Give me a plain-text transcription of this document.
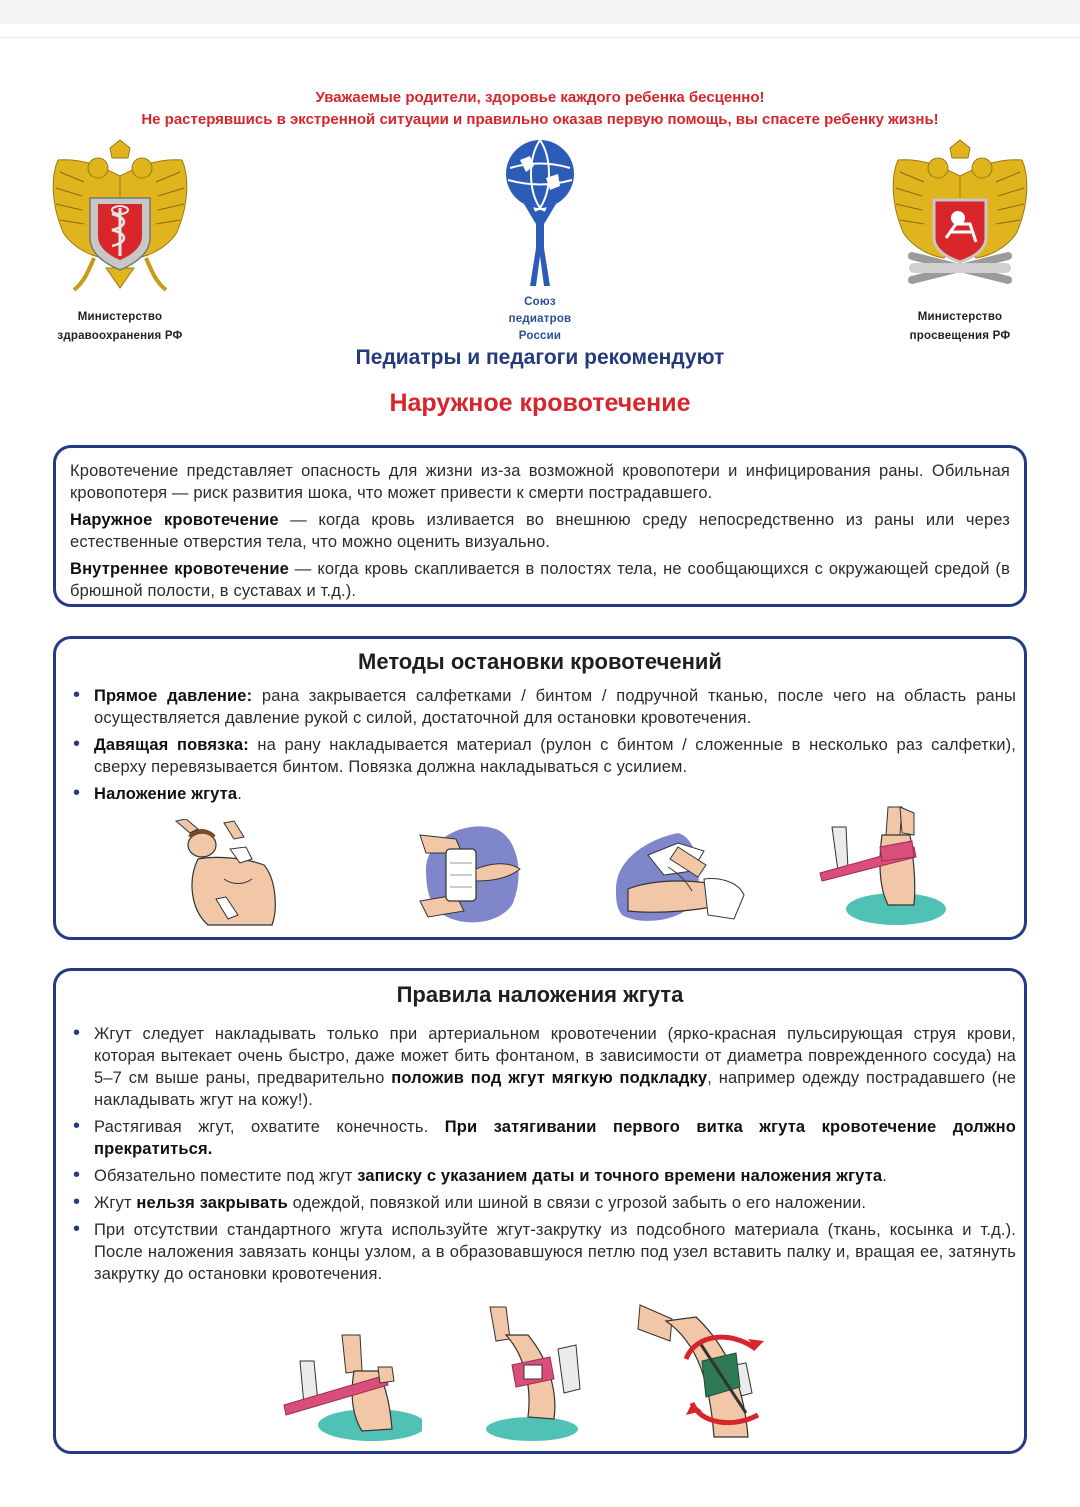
Уважаемые родители, здоровье каждого ребенка бесценно!
Не растерявшись в экстренной ситуации и правильно оказав первую помощь, вы спасете ребенку жизнь!
Министерство
здравоохранения РФ
Союз
педиатров
России
Министерство
просвещения РФ
Педиатры и педагоги рекомендуют
Наружное кровотечение

Кровотечение представляет опасность для жизни из-за возможной кровопотери и инфицирования раны. Обильная кровопотеря — риск развития шока, что может привести к смерти пострадавшего.

Наружное кровотечение — когда кровь изливается во внешнюю среду непосредственно из раны или через естественные отверстия тела, что можно оценить визуально.

Внутреннее кровотечение — когда кровь скапливается в полостях тела, не сообщающихся с окружающей средой (в брюшной полости, в суставах и т.д.).

Методы остановки кровотечений
• Прямое давление: рана закрывается салфетками / бинтом / подручной тканью, после чего на область раны осуществляется давление рукой с силой, достаточной для остановки кровотечения.
• Давящая повязка: на рану накладывается материал (рулон с бинтом / сложенные в несколько раз салфетки), сверху перевязывается бинтом. Повязка должна накладываться с усилием.
• Наложение жгута.
Правила наложения жгута
• Жгут следует накладывать только при артериальном кровотечении (ярко-красная пульсирующая струя крови, которая вытекает очень быстро, даже может бить фонтаном, в зависимости от диаметра поврежденного сосуда) на 5–7 см выше раны, предварительно положив под жгут мягкую подкладку, например одежду пострадавшего (не накладывать жгут на кожу!).
• Растягивая жгут, охватите конечность. При затягивании первого витка жгута кровотечение должно прекратиться.
• Обязательно поместите под жгут записку с указанием даты и точного времени наложения жгута.
• Жгут нельзя закрывать одеждой, повязкой или шиной в связи с угрозой забыть о его наложении.
• При отсутствии стандартного жгута используйте жгут-закрутку из подсобного материала (ткань, косынка и т.д.). После наложения завязать концы узлом, а в образовавшуюся петлю под узел вставить палку и, вращая ее, затянуть закрутку до остановки кровотечения.
